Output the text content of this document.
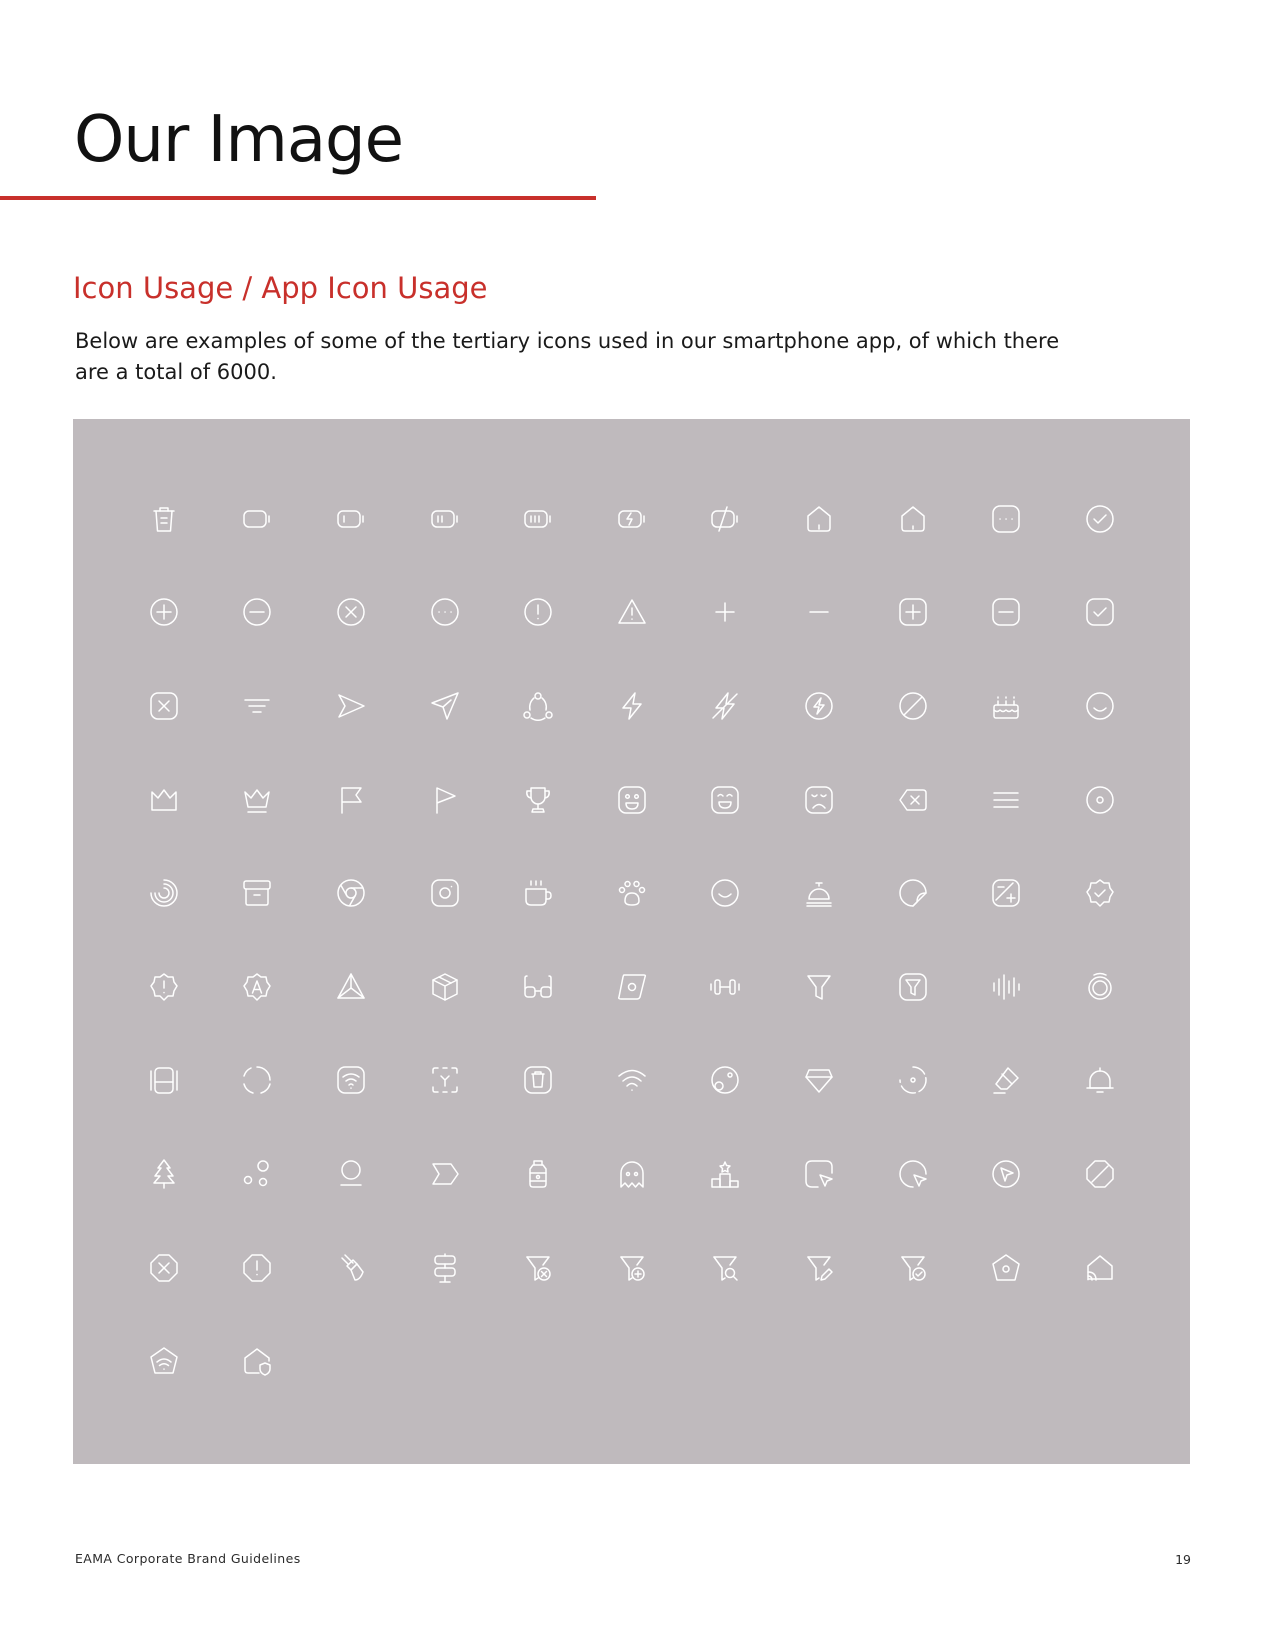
Our Image
Icon Usage / App Icon Usage

Below are examples of some of the tertiary icons used in our smartphone app, of which there are a total of 6000.

EAMA Corporate Brand Guidelines	19
